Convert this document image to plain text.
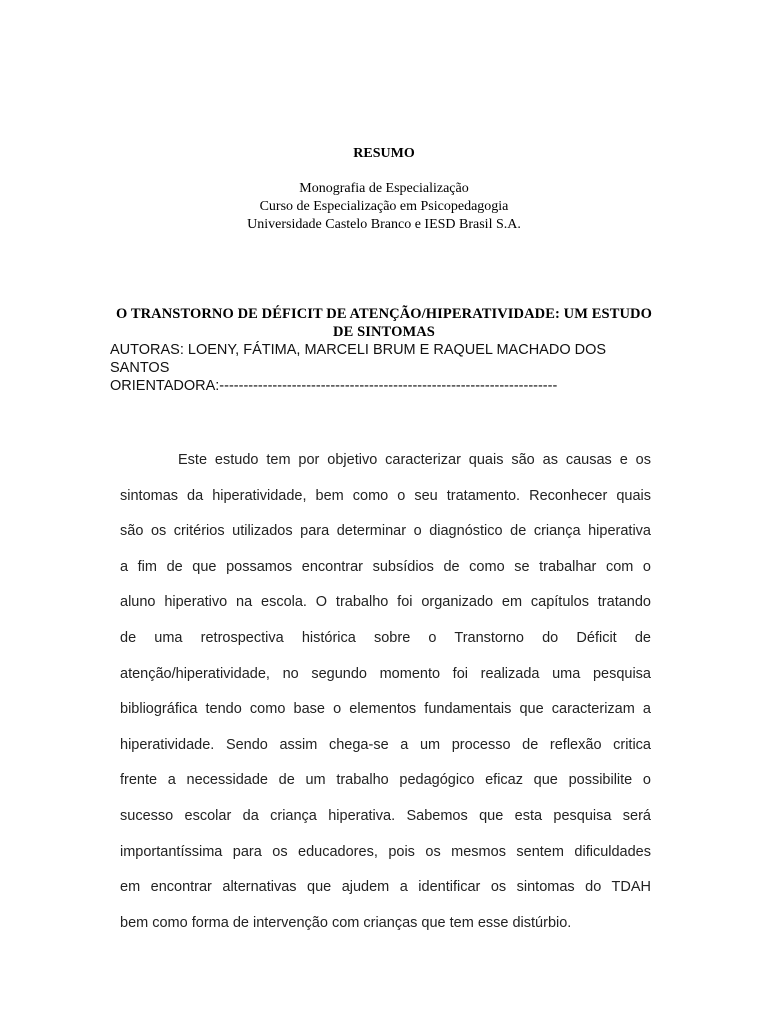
RESUMO
Monografia de Especialização
Curso de Especialização em Psicopedagogia
Universidade Castelo Branco e IESD Brasil S.A.
O TRANSTORNO DE DÉFICIT DE ATENÇÃO/HIPERATIVIDADE: UM ESTUDO DE SINTOMAS
AUTORAS: LOENY, FÁTIMA, MARCELI BRUM E RAQUEL MACHADO DOS
SANTOS
ORIENTADORA:----------------------------------------------------------------------
Este estudo tem por objetivo caracterizar quais são as causas e os
sintomas da hiperatividade, bem como o seu tratamento. Reconhecer quais
são os critérios utilizados para determinar o diagnóstico de criança hiperativa
a fim de que possamos encontrar subsídios de como se trabalhar com o
aluno hiperativo na escola. O trabalho foi organizado em capítulos tratando
de uma retrospectiva histórica sobre o Transtorno do Déficit de
atenção/hiperatividade, no segundo momento foi realizada uma pesquisa
bibliográfica tendo como base o elementos fundamentais que caracterizam a
hiperatividade. Sendo assim chega-se a um processo de reflexão critica
frente a necessidade de um trabalho pedagógico eficaz que possibilite o
sucesso escolar da criança hiperativa. Sabemos que esta pesquisa será
importantíssima para os educadores, pois os mesmos sentem dificuldades
em encontrar alternativas que ajudem a identificar os sintomas do TDAH
bem como forma de intervenção com crianças que tem esse distúrbio.
